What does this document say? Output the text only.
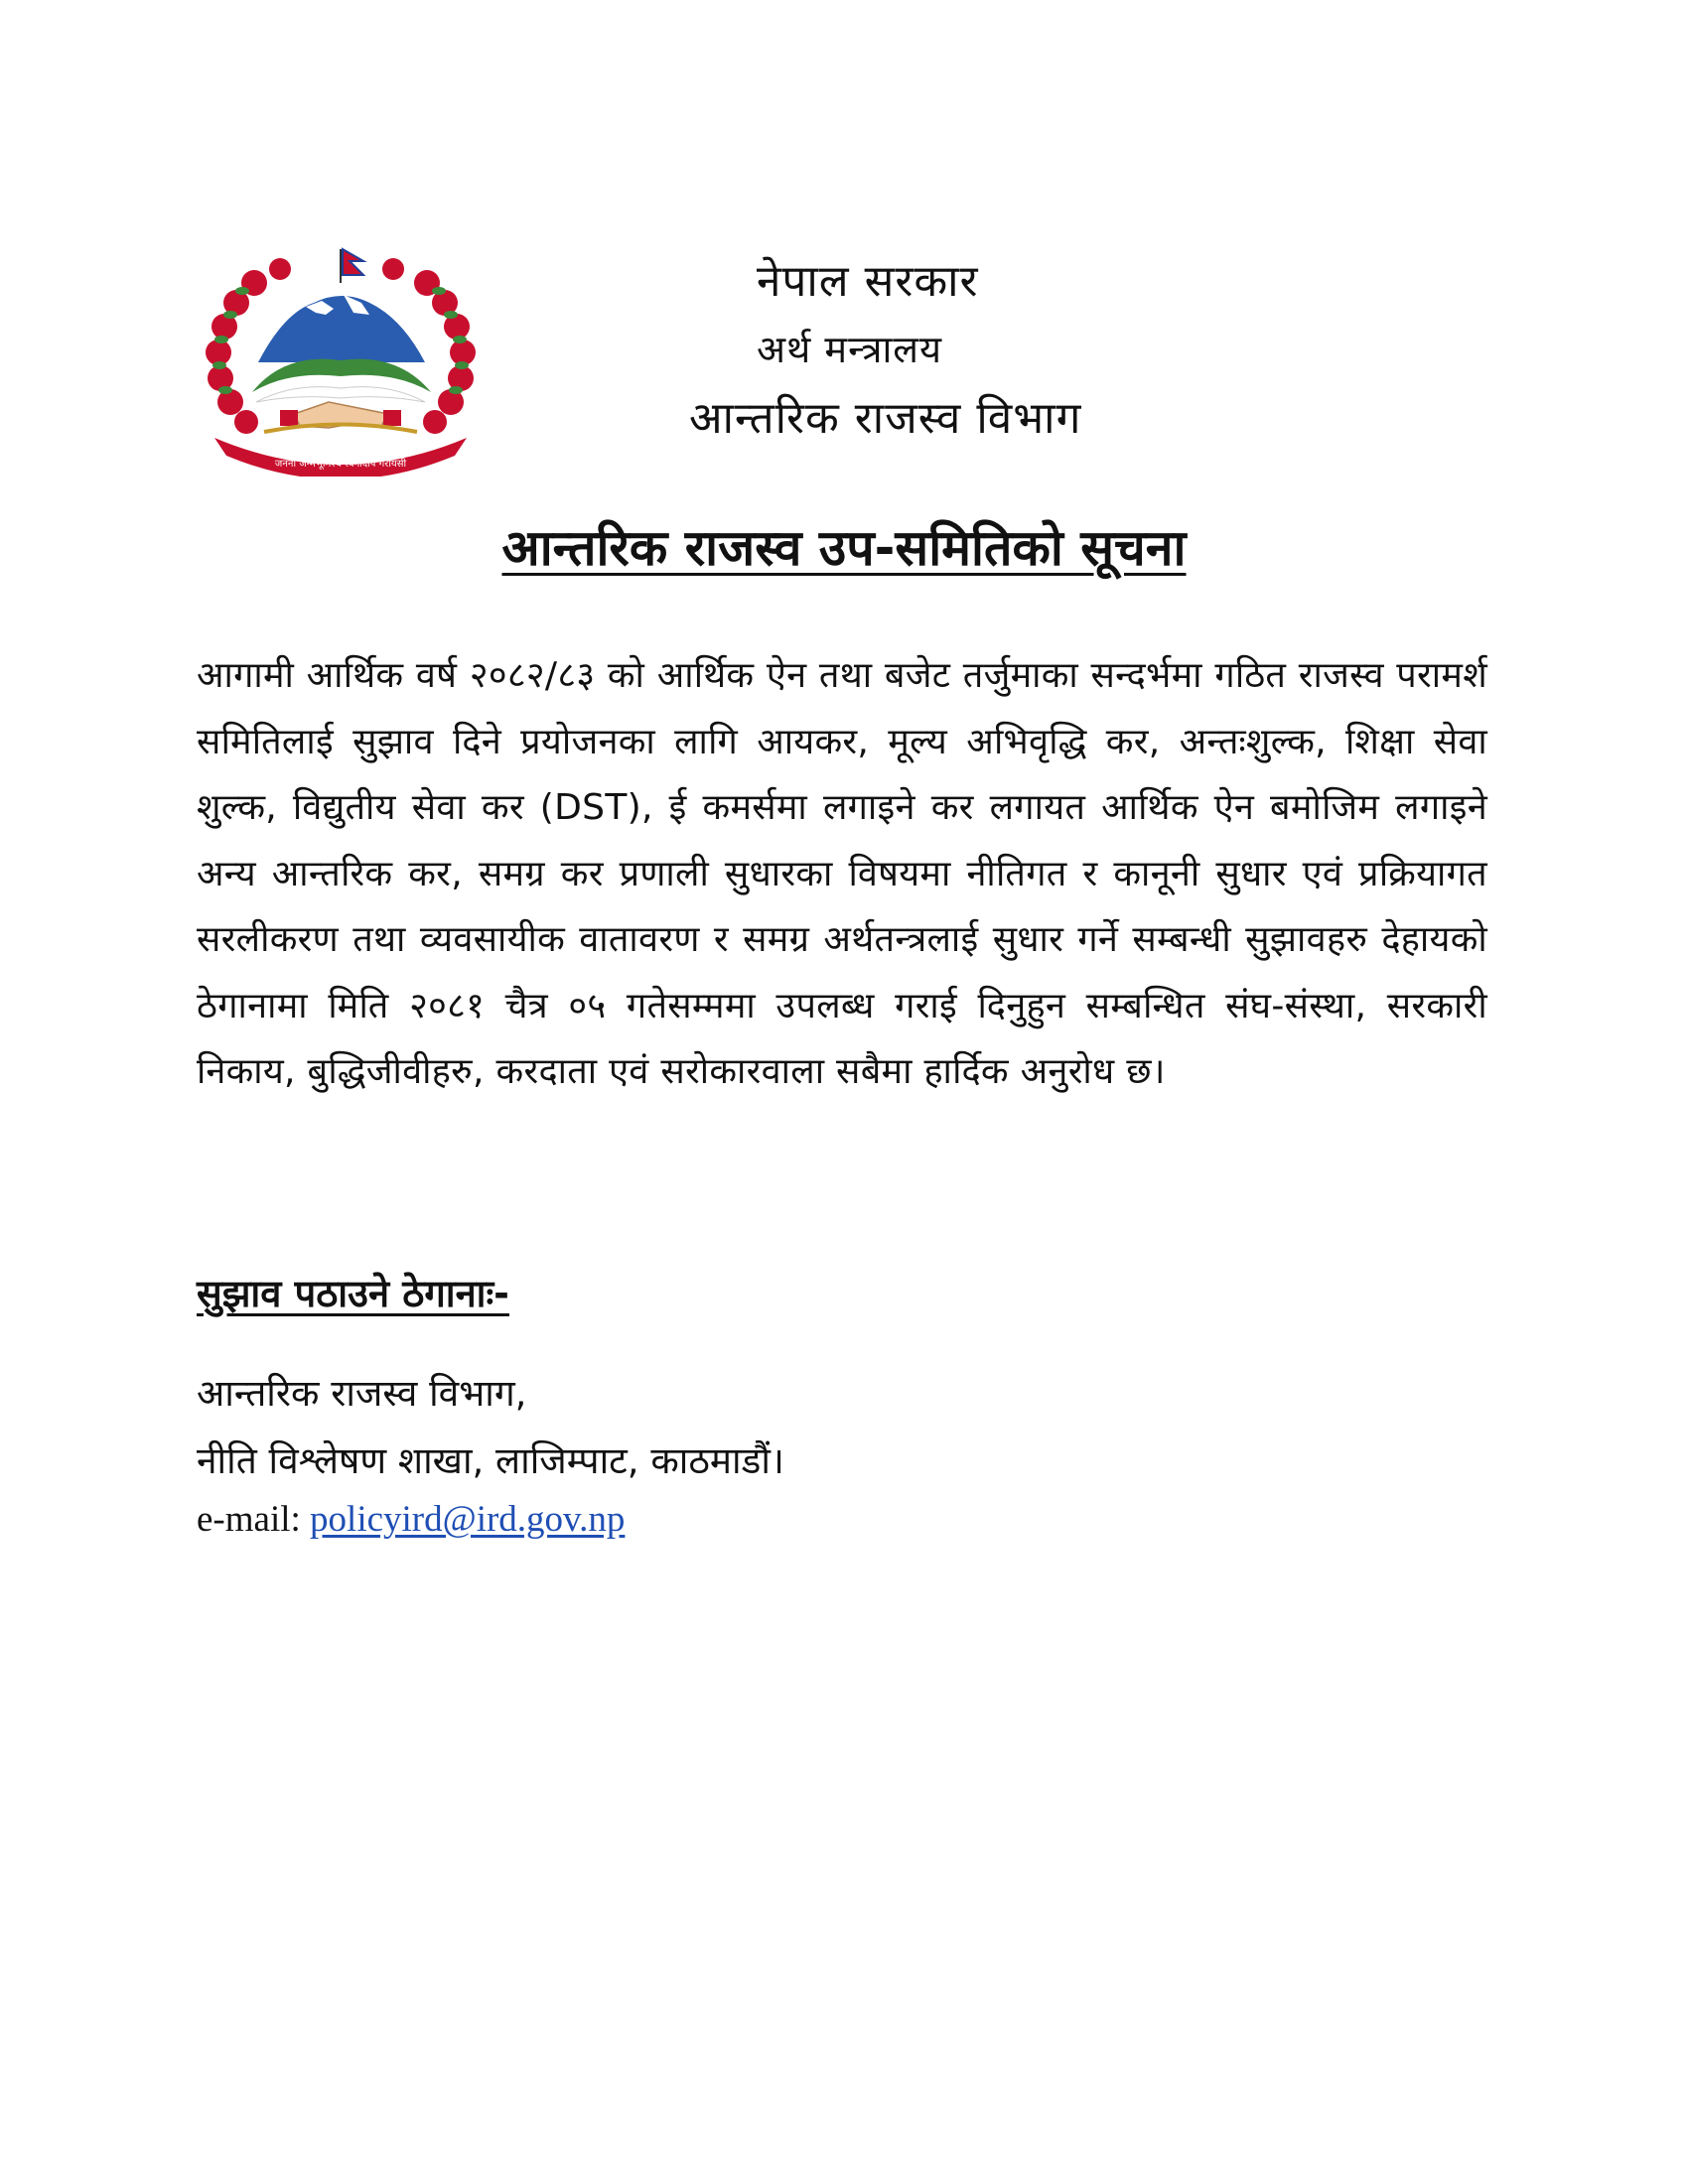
जननी जन्मभूमिश्च स्वर्गादपि गरीयसी
नेपाल सरकार
अर्थ मन्त्रालय
आन्तरिक राजस्व विभाग
आन्तरिक राजस्व उप-समितिको सूचना
आगामी आर्थिक वर्ष २०८२/८३ को आर्थिक ऐन तथा बजेट तर्जुमाका सन्दर्भमा गठित राजस्व परामर्श समितिलाई सुझाव दिने प्रयोजनका लागि आयकर, मूल्य अभिवृद्धि कर, अन्तःशुल्क, शिक्षा सेवा शुल्क, विद्युतीय सेवा कर (DST), ई कमर्समा लगाइने कर लगायत आर्थिक ऐन बमोजिम लगाइने अन्य आन्तरिक कर, समग्र कर प्रणाली सुधारका विषयमा नीतिगत र कानूनी सुधार एवं प्रक्रियागत सरलीकरण तथा व्यवसायीक वातावरण र समग्र अर्थतन्त्रलाई सुधार गर्ने सम्बन्धी सुझावहरु देहायको ठेगानामा मिति २०८१ चैत्र ०५ गतेसम्ममा उपलब्ध गराई दिनुहुन सम्बन्धित संघ-संस्था, सरकारी निकाय, बुद्धिजीवीहरु, करदाता एवं सरोकारवाला सबैमा हार्दिक अनुरोध छ।
सुझाव पठाउने ठेगानाः-
आन्तरिक राजस्व विभाग,
नीति विश्लेषण शाखा, लाजिम्पाट, काठमाडौं।
e-mail: policyird@ird.gov.np
